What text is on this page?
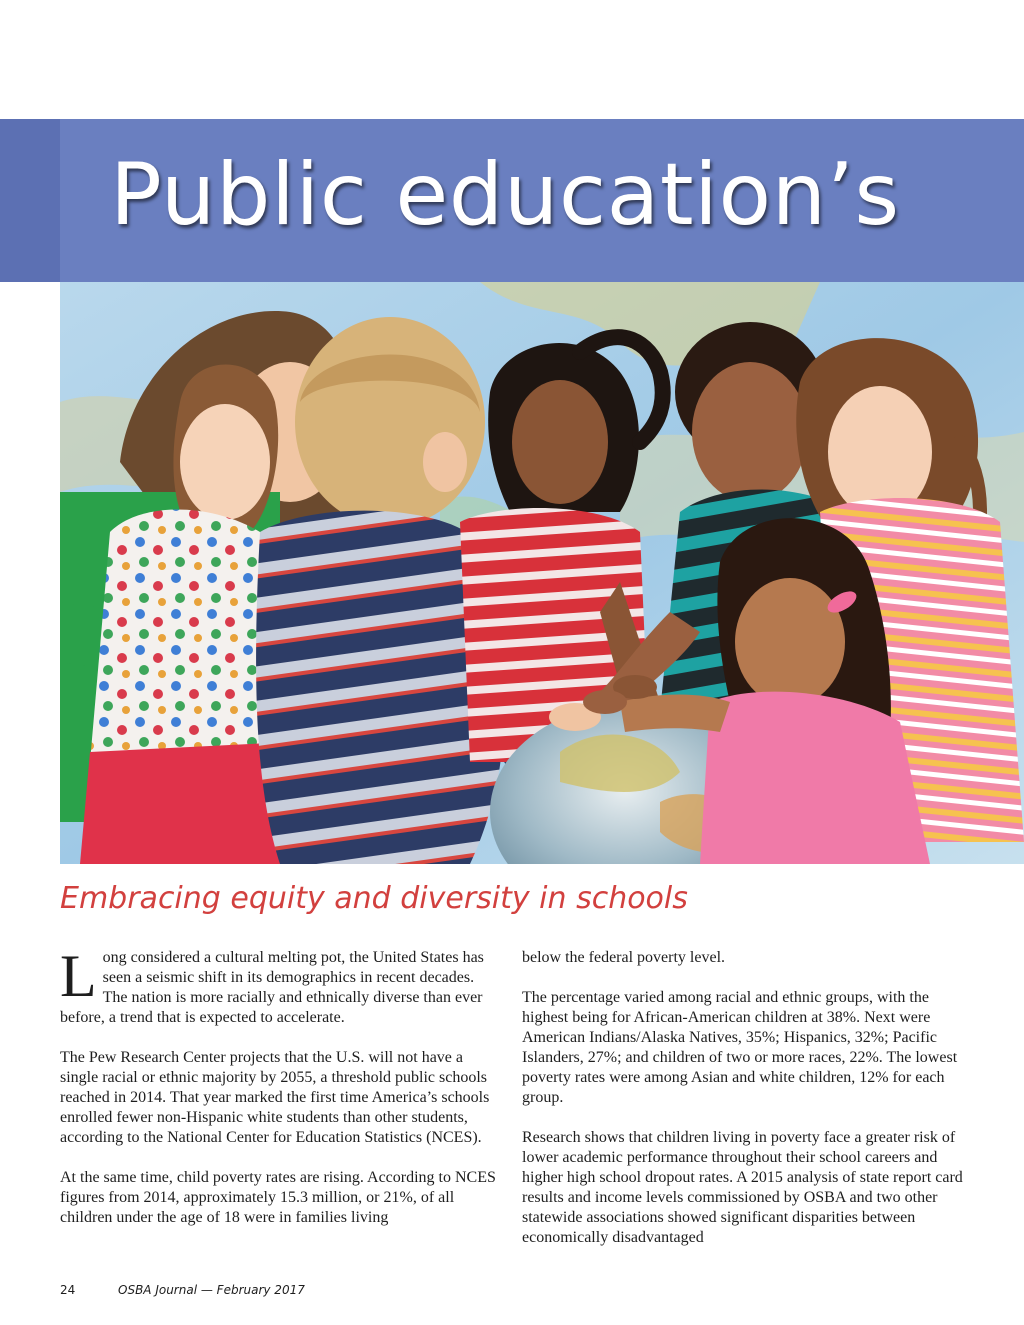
Public education’s
Embracing equity and diversity in schools

Long considered a cultural melting pot, the United States has seen a seismic shift in its demographics in recent decades. The nation is more racially and ethnically diverse than ever before, a trend that is expected to accelerate.

The Pew Research Center projects that the U.S. will not have a single racial or ethnic majority by 2055, a threshold public schools reached in 2014. That year marked the first time America’s schools enrolled fewer non-Hispanic white students than other students, according to the National Center for Education Statistics (NCES).

At the same time, child poverty rates are rising. According to NCES figures from 2014, approximately 15.3 million, or 21%, of all children under the age of 18 were in families living

below the federal poverty level.

The percentage varied among racial and ethnic groups, with the highest being for African-American children at 38%. Next were American Indians/Alaska Natives, 35%; Hispanics, 32%; Pacific Islanders, 27%; and children of two or more races, 22%. The lowest poverty rates were among Asian and white children, 12% for each group.

Research shows that children living in poverty face a greater risk of lower academic performance throughout their school careers and higher high school dropout rates. A 2015 analysis of state report card results and income levels commissioned by OSBA and two other statewide associations showed significant disparities between economically disadvantaged

24	OSBA Journal — February 2017
